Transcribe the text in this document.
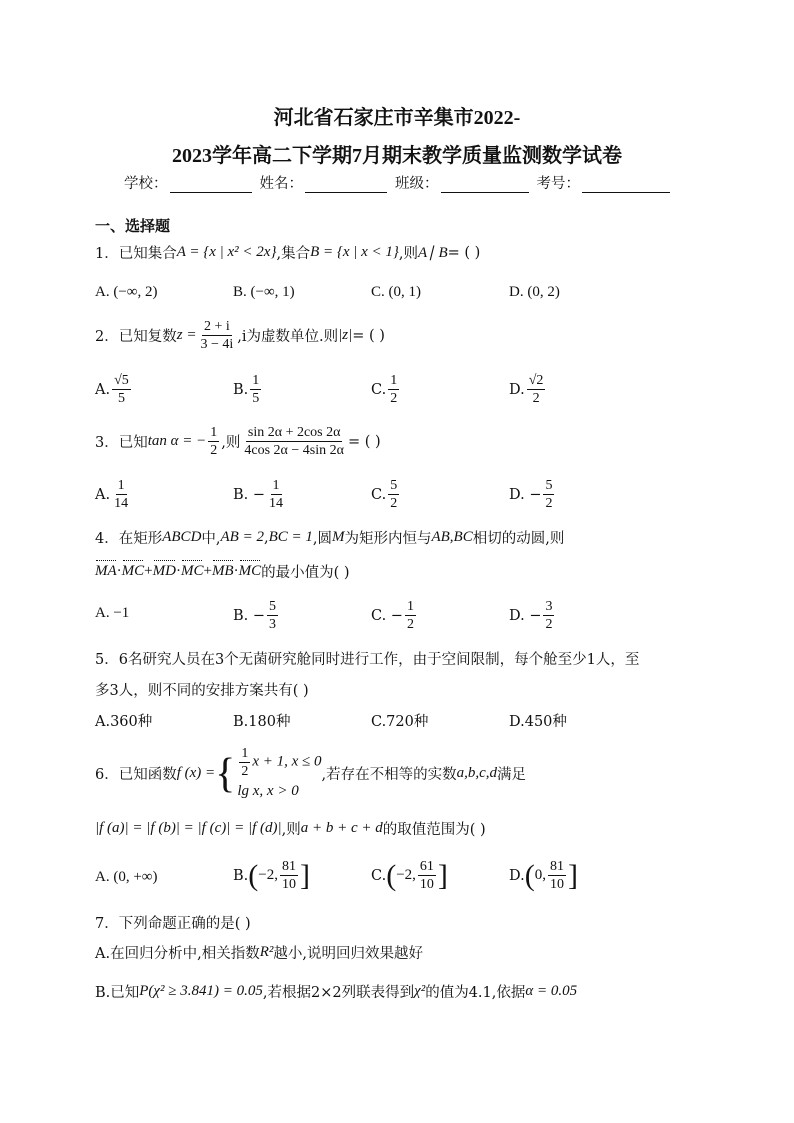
河北省石家庄市辛集市2022-
2023学年高二下学期7月期末教学质量监测数学试卷
学校：	姓名：	班级：	考号：
一、选择题
1．已知集合 A = {x | x² < 2x} ,集合 B = {x | x < 1} ,则 A∣ B = ( )
A. (−∞, 2)	B. (−∞, 1)	C. (0, 1)	D. (0, 2)
2．已知复数 $z = \frac{2 + i}{3 - 4i} ,i$为虚数单位.则 |z| = ( )
A. $\frac{√5}{5}$	B. $\frac{1}{5}$	C. $\frac{1}{2}$	D. $\frac{√2}{2}$
3．已知 tan α = − $\frac{1}{2}$ ,则 $\frac{\sin 2\alpha + 2\cos 2\alpha}{4\cos 2\alpha - 4\sin 2\alpha}$ = ( )
A. $\frac{1}{14}$	B. − $\frac{1}{14}$	C. $\frac{5}{2}$	D. − $\frac{5}{2}$
4．在矩形 ABCD 中, AB = 2 , BC = 1 ,圆 M 为矩形内恒与 AB,BC 相切的动圆,则
MA · MC + MD · MC + MB · MC 的最小值为( )
A. −1	B. − $\frac{5}{3}$	C. − $\frac{1}{2}$	D. − $\frac{3}{2}$
5．6名研究人员在3个无菌研究舱同时进行工作，由于空间限制，每个舱至少1人，至
多3人，则不同的安排方案共有( )
A.360种	B.180种	C.720种	D.450种
6．已知函数 f (x) = { $\frac{1}{2}$ x + 1, x ≤ 0
lg x, x > 0
,若存在不相等的实数 a,b,c,d 满足
|f (a)| = |f (b)| = |f (c)| = |f (d)| ,则 a + b + c + d 的取值范围为( )
A. (0, +∞)	B. ( −2, $\frac{81}{10}$ ]	C. ( −2, $\frac{61}{10}$ ]	D. ( 0, $\frac{81}{10}$ ]
7．下列命题正确的是( )
A.在回归分析中,相关指数 R² 越小,说明回归效果越好
B.已知 P(χ² ≥ 3.841) = 0.05 ,若根据2×2列联表得到 χ² 的值为4.1,依据 α = 0.05
